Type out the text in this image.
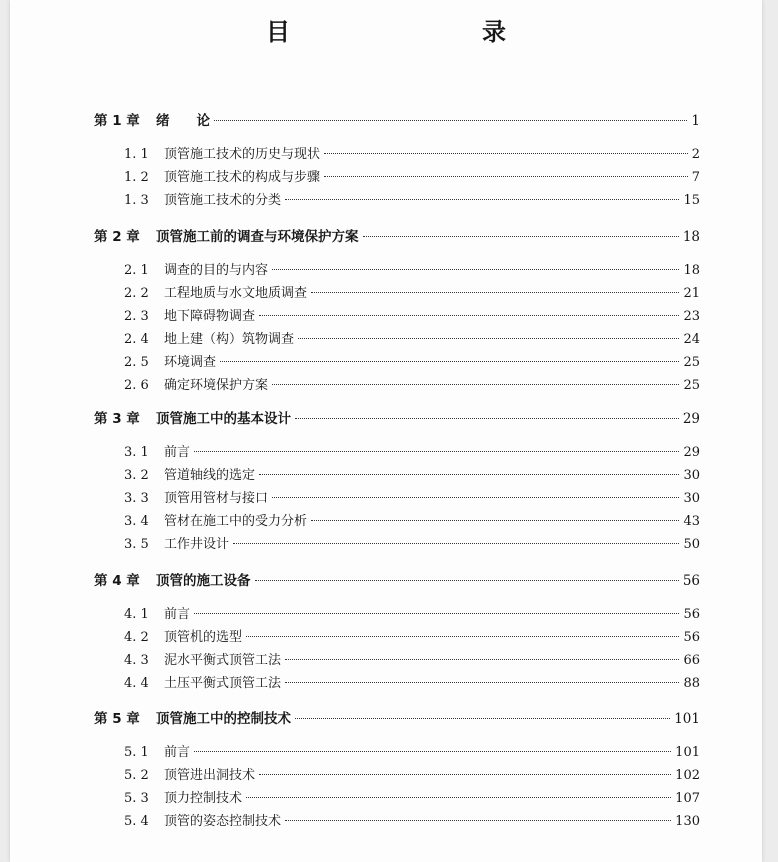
目　　录
第 1 章	绪　　论	1
1. 1	顶管施工技术的历史与现状	2
1. 2	顶管施工技术的构成与步骤	7
1. 3	顶管施工技术的分类	15
第 2 章	顶管施工前的调查与环境保护方案	18
2. 1	调查的目的与内容	18
2. 2	工程地质与水文地质调查	21
2. 3	地下障碍物调查	23
2. 4	地上建（构）筑物调查	24
2. 5	环境调查	25
2. 6	确定环境保护方案	25
第 3 章	顶管施工中的基本设计	29
3. 1	前言	29
3. 2	管道轴线的选定	30
3. 3	顶管用管材与接口	30
3. 4	管材在施工中的受力分析	43
3. 5	工作井设计	50
第 4 章	顶管的施工设备	56
4. 1	前言	56
4. 2	顶管机的选型	56
4. 3	泥水平衡式顶管工法	66
4. 4	土压平衡式顶管工法	88
第 5 章	顶管施工中的控制技术	101
5. 1	前言	101
5. 2	顶管进出洞技术	102
5. 3	顶力控制技术	107
5. 4	顶管的姿态控制技术	130
